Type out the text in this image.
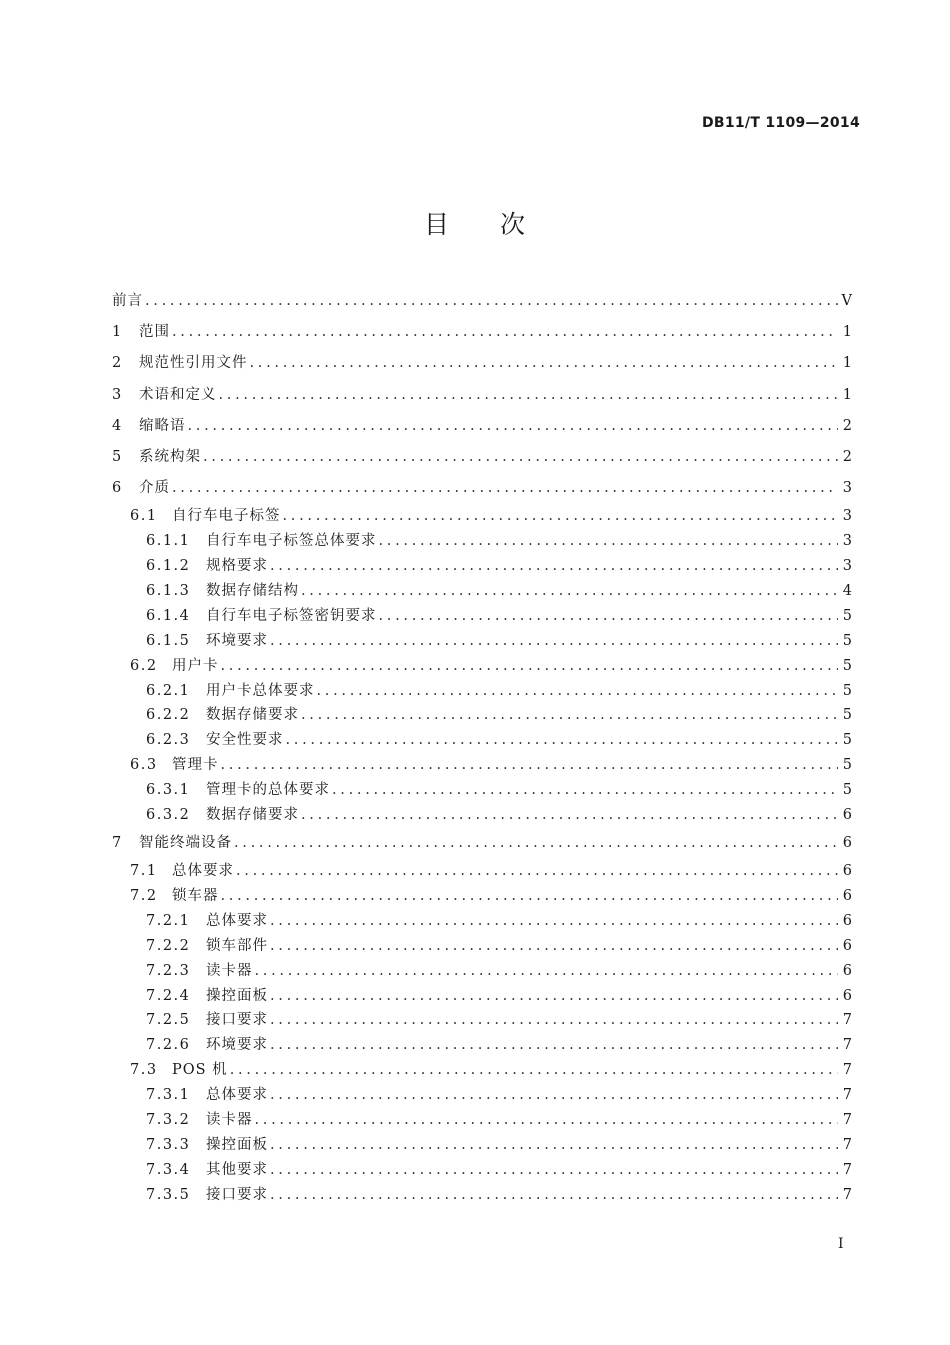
DB11/T 1109—2014
目 次
前言 .....	V
1	范围 .....	1
2	规范性引用文件 .....	1
3	术语和定义 .....	1
4	缩略语 .....	2
5	系统构架 .....	2
6	介质 .....	3
6.1 自行车电子标签 .....	3
6.1.1	自行车电子标签总体要求 .....	3
6.1.2	规格要求 .....	3
6.1.3	数据存储结构 .....	4
6.1.4	自行车电子标签密钥要求 .....	5
6.1.5	环境要求 .....	5
6.2 用户卡 .....	5
6.2.1	用户卡总体要求 .....	5
6.2.2	数据存储要求 .....	5
6.2.3	安全性要求 .....	5
6.3 管理卡 .....	5
6.3.1	管理卡的总体要求 .....	5
6.3.2	数据存储要求 .....	6
7	智能终端设备 .....	6
7.1 总体要求 .....	6
7.2 锁车器 .....	6
7.2.1	总体要求 .....	6
7.2.2	锁车部件 .....	6
7.2.3	读卡器 .....	6
7.2.4	操控面板 .....	6
7.2.5	接口要求 .....	7
7.2.6	环境要求 .....	7
7.3 POS 机 .....	7
7.3.1	总体要求 .....	7
7.3.2	读卡器 .....	7
7.3.3	操控面板 .....	7
7.3.4	其他要求 .....	7
7.3.5	接口要求 .....	7
I
